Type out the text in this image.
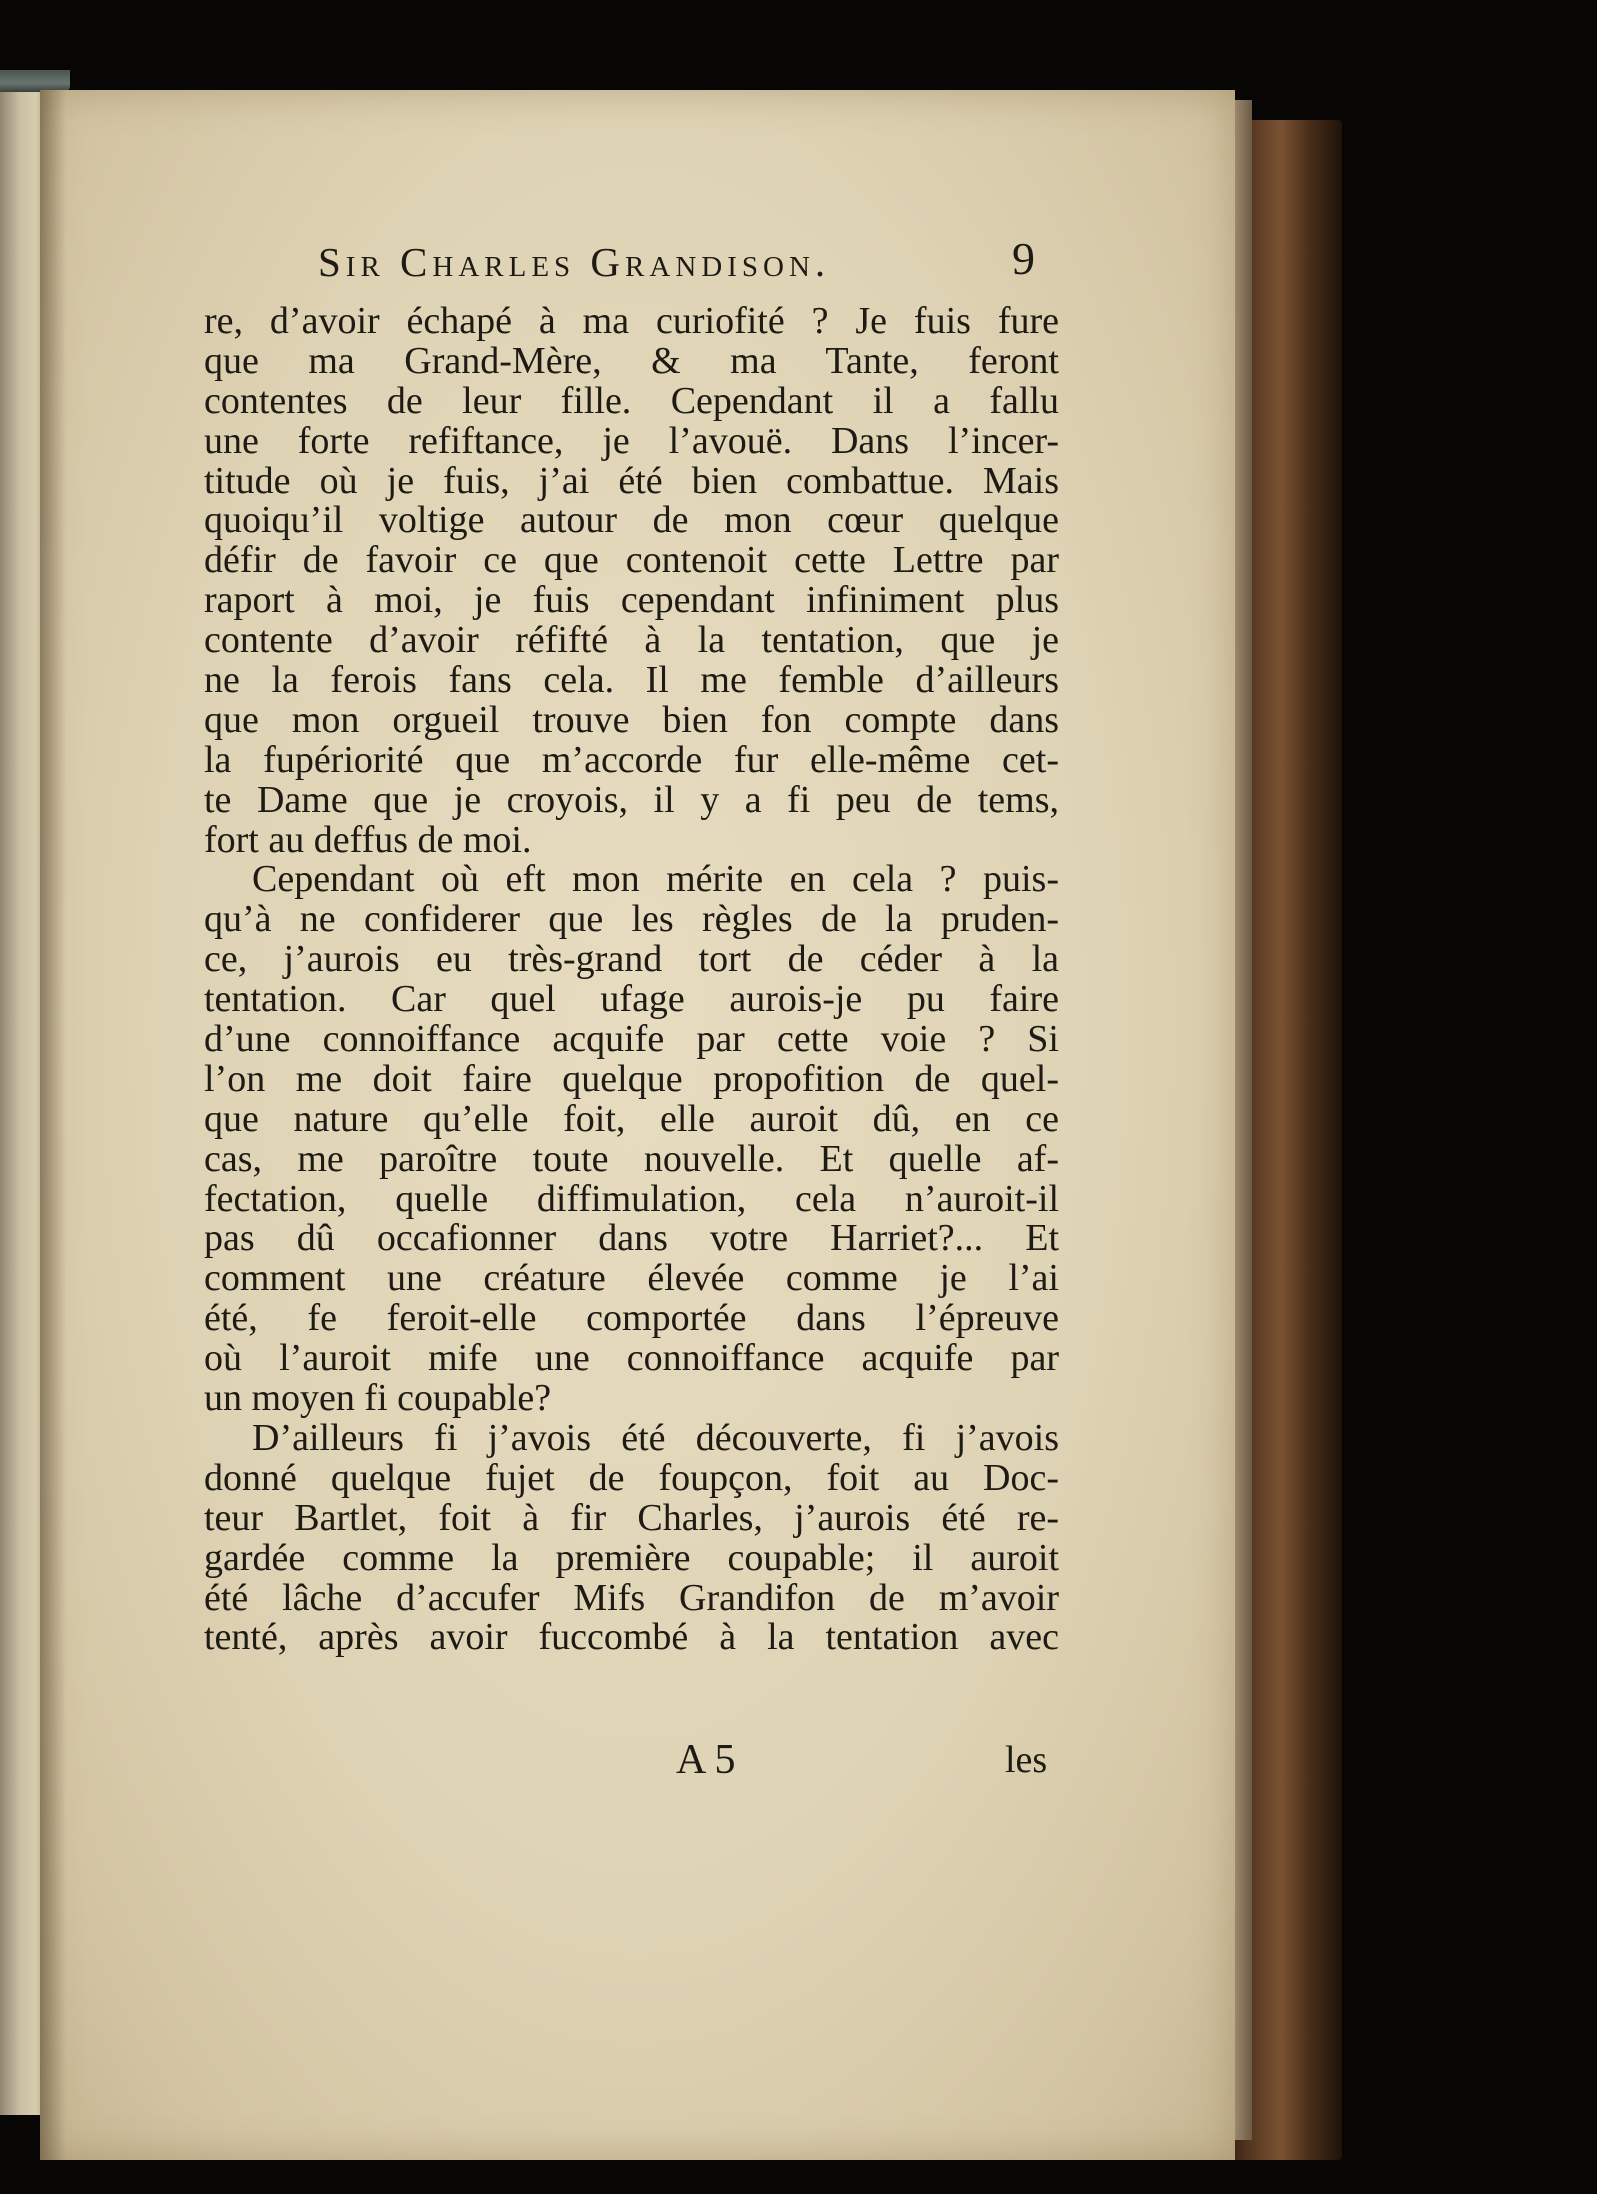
Sir Charles Grandison.	9

re, d’avoir échapé à ma curiofité ? Je fuis fure

que ma Grand-Mère, & ma Tante, feront

contentes de leur fille. Cependant il a fallu

une forte refiftance, je l’avouë. Dans l’incer-

titude où je fuis, j’ai été bien combattue. Mais

quoiqu’il voltige autour de mon cœur quelque

défir de favoir ce que contenoit cette Lettre par

raport à moi, je fuis cependant infiniment plus

contente d’avoir réfifté à la tentation, que je

ne la ferois fans cela. Il me femble d’ailleurs

que mon orgueil trouve bien fon compte dans

la fupériorité que m’accorde fur elle-même cet-

te Dame que je croyois, il y a fi peu de tems,

fort au deffus de moi.

Cependant où eft mon mérite en cela ? puis-

qu’à ne confiderer que les règles de la pruden-

ce, j’aurois eu très-grand tort de céder à la

tentation. Car quel ufage aurois-je pu faire

d’une connoiffance acquife par cette voie ? Si

l’on me doit faire quelque propofition de quel-

que nature qu’elle foit, elle auroit dû, en ce

cas, me paroître toute nouvelle. Et quelle af-

fectation, quelle diffimulation, cela n’auroit-il

pas dû occafionner dans votre Harriet?... Et

comment une créature élevée comme je l’ai

été, fe feroit-elle comportée dans l’épreuve

où l’auroit mife une connoiffance acquife par

un moyen fi coupable?

D’ailleurs fi j’avois été découverte, fi j’avois

donné quelque fujet de foupçon, foit au Doc-

teur Bartlet, foit à fir Charles, j’aurois été re-

gardée comme la première coupable; il auroit

été lâche d’accufer Mifs Grandifon de m’avoir

tenté, après avoir fuccombé à la tentation avec

A 5	les
